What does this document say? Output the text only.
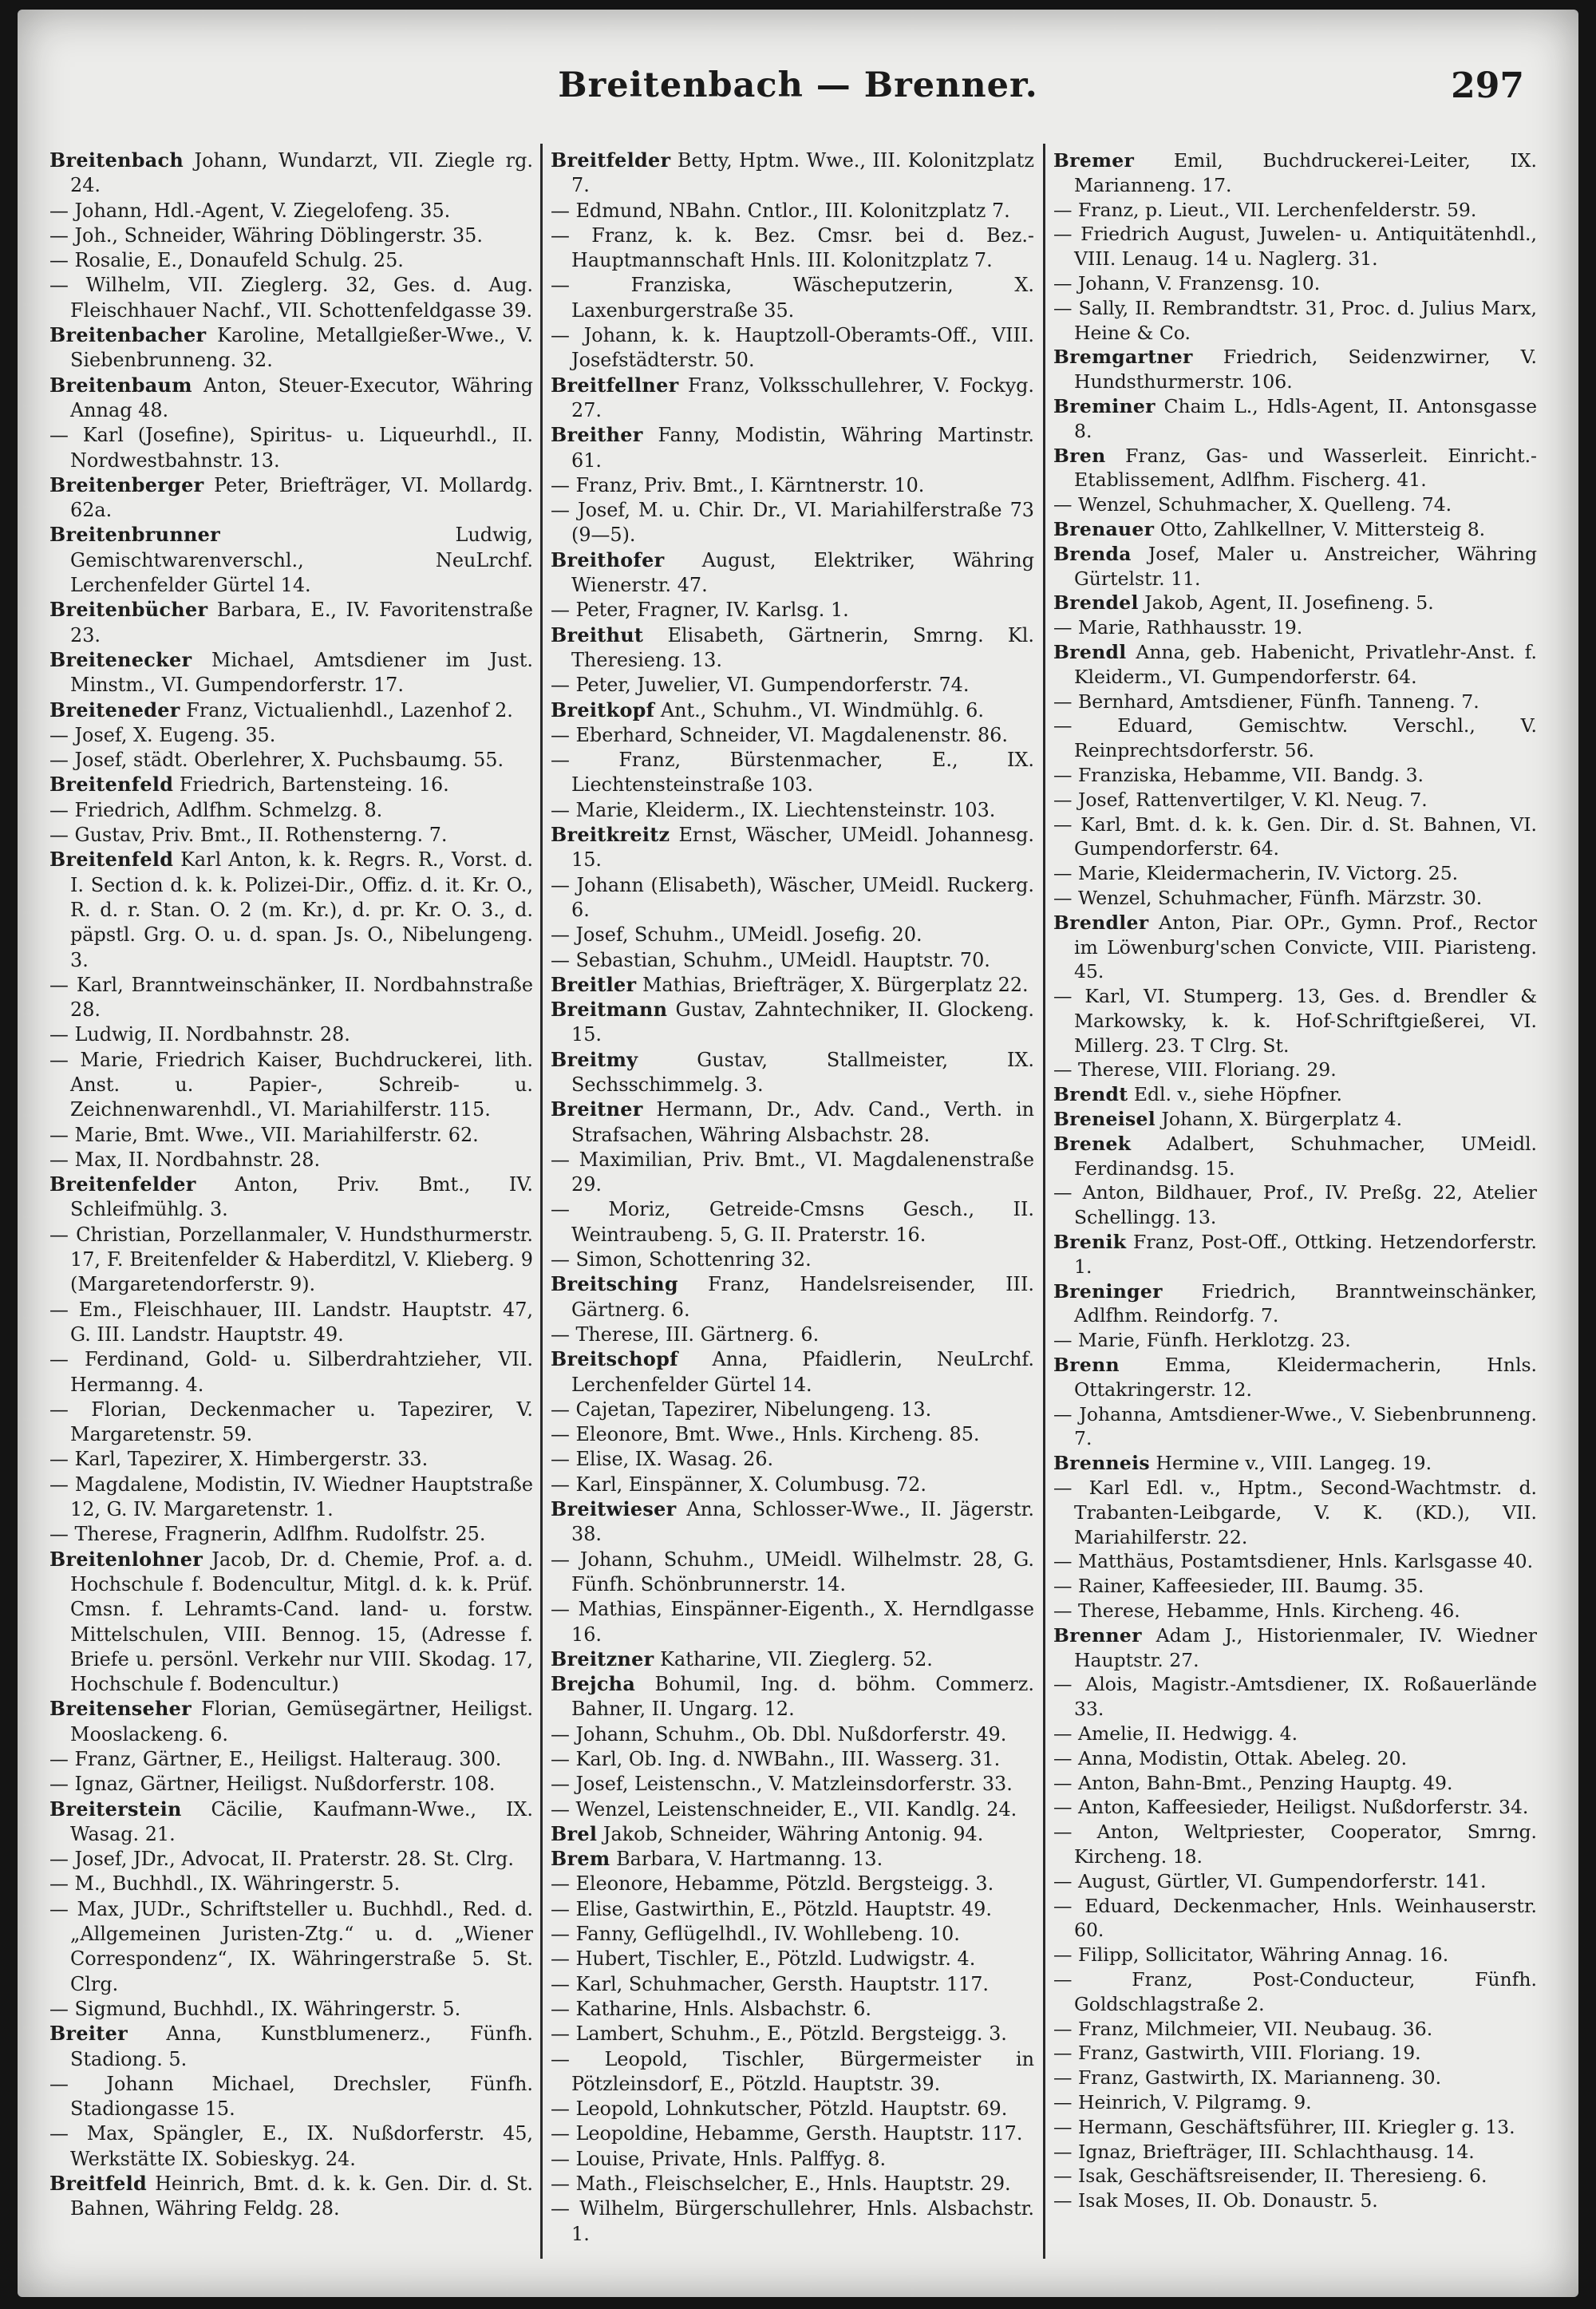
Breitenbach — Brenner.	297
Breitenbach Johann, Wundarzt, VII. Ziegle rg. 24.
— Johann, Hdl.-Agent, V. Ziegelofeng. 35.
— Joh., Schneider, Währing Döblingerstr. 35.
— Rosalie, E., Donaufeld Schulg. 25.
— Wilhelm, VII. Zieglerg. 32, Ges. d. Aug. Fleischhauer Nachf., VII. Schottenfeldgasse 39.
Breitenbacher Karoline, Metallgießer-Wwe., V. Siebenbrunneng. 32.
Breitenbaum Anton, Steuer-Executor, Währing Annag 48.
— Karl (Josefine), Spiritus- u. Liqueurhdl., II. Nordwestbahnstr. 13.
Breitenberger Peter, Briefträger, VI. Mollardg. 62a.
Breitenbrunner	Ludwig, Gemischtwarenverschl., NeuLrchf. Lerchenfelder Gürtel 14.
Breitenbücher Barbara, E., IV. Favoritenstraße 23.
Breitenecker Michael, Amtsdiener im Just. Minstm., VI. Gumpendorferstr. 17.
Breiteneder Franz, Victualienhdl., Lazenhof 2.
— Josef, X. Eugeng. 35.
— Josef, städt. Oberlehrer, X. Puchsbaumg. 55.
Breitenfeld Friedrich, Bartensteing. 16.
— Friedrich, Adlfhm. Schmelzg. 8.
— Gustav, Priv. Bmt., II. Rothensterng. 7.
Breitenfeld Karl Anton, k. k. Regrs. R., Vorst. d. I. Section d. k. k. Polizei-Dir., Offiz. d. it. Kr. O., R. d. r. Stan. O. 2 (m. Kr.), d. pr. Kr. O. 3., d. päpstl. Grg. O. u. d. span. Js. O., Nibelungeng. 3.
— Karl, Branntweinschänker, II. Nordbahnstraße 28.
— Ludwig, II. Nordbahnstr. 28.
— Marie, Friedrich Kaiser, Buchdruckerei, lith. Anst. u. Papier-, Schreib- u. Zeichnenwarenhdl., VI. Mariahilferstr. 115.
— Marie, Bmt. Wwe., VII. Mariahilferstr. 62.
— Max, II. Nordbahnstr. 28.
Breitenfelder Anton, Priv. Bmt., IV. Schleifmühlg. 3.
— Christian, Porzellanmaler, V. Hundsthurmerstr. 17, F. Breitenfelder & Haberditzl, V. Klieberg. 9 (Margaretendorferstr. 9).
— Em., Fleischhauer, III. Landstr. Hauptstr. 47, G. III. Landstr. Hauptstr. 49.
— Ferdinand, Gold- u. Silberdrahtzieher, VII. Hermanng. 4.
— Florian, Deckenmacher u. Tapezirer, V. Margaretenstr. 59.
— Karl, Tapezirer, X. Himbergerstr. 33.
— Magdalene, Modistin, IV. Wiedner Hauptstraße 12, G. IV. Margaretenstr. 1.
— Therese, Fragnerin, Adlfhm. Rudolfstr. 25.
Breitenlohner Jacob, Dr. d. Chemie, Prof. a. d. Hochschule f. Bodencultur, Mitgl. d. k. k. Prüf. Cmsn. f. Lehramts-Cand. land- u. forstw. Mittelschulen, VIII. Bennog. 15, (Adresse f. Briefe u. persönl. Verkehr nur VIII. Skodag. 17, Hochschule f. Bodencultur.)
Breitenseher Florian, Gemüsegärtner, Heiligst. Mooslackeng. 6.
— Franz, Gärtner, E., Heiligst. Halteraug. 300.
— Ignaz, Gärtner, Heiligst. Nußdorferstr. 108.
Breiterstein Cäcilie, Kaufmann-Wwe., IX. Wasag. 21.
— Josef, JDr., Advocat, II. Praterstr. 28. St. Clrg.
— M., Buchhdl., IX. Währingerstr. 5.
— Max, JUDr., Schriftsteller u. Buchhdl., Red. d. „Allgemeinen Juristen-Ztg.“ u. d. „Wiener Correspondenz“, IX. Währingerstraße 5. St. Clrg.
— Sigmund, Buchhdl., IX. Währingerstr. 5.
Breiter Anna, Kunstblumenerz., Fünfh. Stadiong. 5.
— Johann Michael, Drechsler, Fünfh. Stadiongasse 15.
— Max, Spängler, E., IX. Nußdorferstr. 45, Werkstätte IX. Sobieskyg. 24.
Breitfeld Heinrich, Bmt. d. k. k. Gen. Dir. d. St. Bahnen, Währing Feldg. 28.
Breitfelder Betty, Hptm. Wwe., III. Kolonitzplatz 7.
— Edmund, NBahn. Cntlor., III. Kolonitzplatz 7.
— Franz, k. k. Bez. Cmsr. bei d. Bez.-Hauptmannschaft Hnls. III. Kolonitzplatz 7.
— Franziska, Wäscheputzerin, X. Laxenburgerstraße 35.
— Johann, k. k. Hauptzoll-Oberamts-Off., VIII. Josefstädterstr. 50.
Breitfellner Franz, Volksschullehrer, V. Fockyg. 27.
Breither Fanny, Modistin, Währing Martinstr. 61.
— Franz, Priv. Bmt., I. Kärntnerstr. 10.
— Josef, M. u. Chir. Dr., VI. Mariahilferstraße 73 (9—5).
Breithofer August, Elektriker, Währing Wienerstr. 47.
— Peter, Fragner, IV. Karlsg. 1.
Breithut Elisabeth, Gärtnerin, Smrng. Kl. Theresieng. 13.
— Peter, Juwelier, VI. Gumpendorferstr. 74.
Breitkopf Ant., Schuhm., VI. Windmühlg. 6.
— Eberhard, Schneider, VI. Magdalenenstr. 86.
— Franz, Bürstenmacher, E., IX. Liechtensteinstraße 103.
— Marie, Kleiderm., IX. Liechtensteinstr. 103.
Breitkreitz Ernst, Wäscher, UMeidl. Johannesg. 15.
— Johann (Elisabeth), Wäscher, UMeidl. Ruckerg. 6.
— Josef, Schuhm., UMeidl. Josefig. 20.
— Sebastian, Schuhm., UMeidl. Hauptstr. 70.
Breitler Mathias, Briefträger, X. Bürgerplatz 22.
Breitmann Gustav, Zahntechniker, II. Glockeng. 15.
Breitmy	Gustav, Stallmeister, IX. Sechsschimmelg. 3.
Breitner Hermann, Dr., Adv. Cand., Verth. in Strafsachen, Währing Alsbachstr. 28.
— Maximilian, Priv. Bmt., VI. Magdalenenstraße 29.
— Moriz, Getreide-Cmsns Gesch., II. Weintraubeng. 5, G. II. Praterstr. 16.
— Simon, Schottenring 32.
Breitsching Franz, Handelsreisender, III. Gärtnerg. 6.
— Therese, III. Gärtnerg. 6.
Breitschopf Anna, Pfaidlerin, NeuLrchf. Lerchenfelder Gürtel 14.
— Cajetan, Tapezirer, Nibelungeng. 13.
— Eleonore, Bmt. Wwe., Hnls. Kircheng. 85.
— Elise, IX. Wasag. 26.
— Karl, Einspänner, X. Columbusg. 72.
Breitwieser Anna, Schlosser-Wwe., II. Jägerstr. 38.
— Johann, Schuhm., UMeidl. Wilhelmstr. 28, G. Fünfh. Schönbrunnerstr. 14.
— Mathias, Einspänner-Eigenth., X. Herndlgasse 16.
Breitzner Katharine, VII. Zieglerg. 52.
Brejcha Bohumil, Ing. d. böhm. Commerz. Bahner, II. Ungarg. 12.
— Johann, Schuhm., Ob. Dbl. Nußdorferstr. 49.
— Karl, Ob. Ing. d. NWBahn., III. Wasserg. 31.
— Josef, Leistenschn., V. Matzleinsdorferstr. 33.
— Wenzel, Leistenschneider, E., VII. Kandlg. 24.
Brel Jakob, Schneider, Währing Antonig. 94.
Brem Barbara, V. Hartmanng. 13.
— Eleonore, Hebamme, Pötzld. Bergsteigg. 3.
— Elise, Gastwirthin, E., Pötzld. Hauptstr. 49.
— Fanny, Geflügelhdl., IV. Wohllebeng. 10.
— Hubert, Tischler, E., Pötzld. Ludwigstr. 4.
— Karl, Schuhmacher, Gersth. Hauptstr. 117.
— Katharine, Hnls. Alsbachstr. 6.
— Lambert, Schuhm., E., Pötzld. Bergsteigg. 3.
— Leopold, Tischler, Bürgermeister in Pötzleinsdorf, E., Pötzld. Hauptstr. 39.
— Leopold, Lohnkutscher, Pötzld. Hauptstr. 69.
— Leopoldine, Hebamme, Gersth. Hauptstr. 117.
— Louise, Private, Hnls. Palffyg. 8.
— Math., Fleischselcher, E., Hnls. Hauptstr. 29.
— Wilhelm, Bürgerschullehrer, Hnls. Alsbachstr. 1.
Bremer Emil, Buchdruckerei-Leiter, IX. Marianneng. 17.
— Franz, p. Lieut., VII. Lerchenfelderstr. 59.
— Friedrich August, Juwelen- u. Antiquitätenhdl., VIII. Lenaug. 14 u. Naglerg. 31.
— Johann, V. Franzensg. 10.
— Sally, II. Rembrandtstr. 31, Proc. d. Julius Marx, Heine & Co.
Bremgartner Friedrich, Seidenzwirner, V. Hundsthurmerstr. 106.
Breminer Chaim L., Hdls-Agent, II. Antonsgasse 8.
Bren Franz, Gas- und Wasserleit. Einricht.-Etablissement, Adlfhm. Fischerg. 41.
— Wenzel, Schuhmacher, X. Quelleng. 74.
Brenauer Otto, Zahlkellner, V. Mittersteig 8.
Brenda Josef, Maler u. Anstreicher, Währing Gürtelstr. 11.
Brendel Jakob, Agent, II. Josefineng. 5.
— Marie, Rathhausstr. 19.
Brendl Anna, geb. Habenicht, Privatlehr-Anst. f. Kleiderm., VI. Gumpendorferstr. 64.
— Bernhard, Amtsdiener, Fünfh. Tanneng. 7.
— Eduard, Gemischtw. Verschl., V. Reinprechtsdorferstr. 56.
— Franziska, Hebamme, VII. Bandg. 3.
— Josef, Rattenvertilger, V. Kl. Neug. 7.
— Karl, Bmt. d. k. k. Gen. Dir. d. St. Bahnen, VI. Gumpendorferstr. 64.
— Marie, Kleidermacherin, IV. Victorg. 25.
— Wenzel, Schuhmacher, Fünfh. Märzstr. 30.
Brendler Anton, Piar. OPr., Gymn. Prof., Rector im Löwenburg'schen Convicte, VIII. Piaristeng. 45.
— Karl, VI. Stumperg. 13, Ges. d. Brendler & Markowsky, k. k. Hof-Schriftgießerei, VI. Millerg. 23. T Clrg. St.
— Therese, VIII. Floriang. 29.
Brendt Edl. v., siehe Höpfner.
Breneisel Johann, X. Bürgerplatz 4.
Brenek Adalbert, Schuhmacher, UMeidl. Ferdinandsg. 15.
— Anton, Bildhauer, Prof., IV. Preßg. 22, Atelier Schellingg. 13.
Brenik Franz, Post-Off., Ottking. Hetzendorferstr. 1.
Breninger Friedrich, Branntweinschänker, Adlfhm. Reindorfg. 7.
— Marie, Fünfh. Herklotzg. 23.
Brenn Emma, Kleidermacherin, Hnls. Ottakringerstr. 12.
— Johanna, Amtsdiener-Wwe., V. Siebenbrunneng. 7.
Brenneis Hermine v., VIII. Langeg. 19.
— Karl Edl. v., Hptm., Second-Wachtmstr. d. Trabanten-Leibgarde, V. K. (KD.), VII. Mariahilferstr. 22.
— Matthäus, Postamtsdiener, Hnls. Karlsgasse 40.
— Rainer, Kaffeesieder, III. Baumg. 35.
— Therese, Hebamme, Hnls. Kircheng. 46.
Brenner Adam J., Historienmaler, IV. Wiedner Hauptstr. 27.
— Alois, Magistr.-Amtsdiener, IX. Roßauerlände 33.
— Amelie, II. Hedwigg. 4.
— Anna, Modistin, Ottak. Abeleg. 20.
— Anton, Bahn-Bmt., Penzing Hauptg. 49.
— Anton, Kaffeesieder, Heiligst. Nußdorferstr. 34.
— Anton, Weltpriester, Cooperator, Smrng. Kircheng. 18.
— August, Gürtler, VI. Gumpendorferstr. 141.
— Eduard, Deckenmacher, Hnls. Weinhauserstr. 60.
— Filipp, Sollicitator, Währing Annag. 16.
— Franz, Post-Conducteur, Fünfh. Goldschlagstraße 2.
— Franz, Milchmeier, VII. Neubaug. 36.
— Franz, Gastwirth, VIII. Floriang. 19.
— Franz, Gastwirth, IX. Marianneng. 30.
— Heinrich, V. Pilgramg. 9.
— Hermann, Geschäftsführer, III. Kriegler g. 13.
— Ignaz, Briefträger, III. Schlachthausg. 14.
— Isak, Geschäftsreisender, II. Theresieng. 6.
— Isak Moses, II. Ob. Donaustr. 5.
